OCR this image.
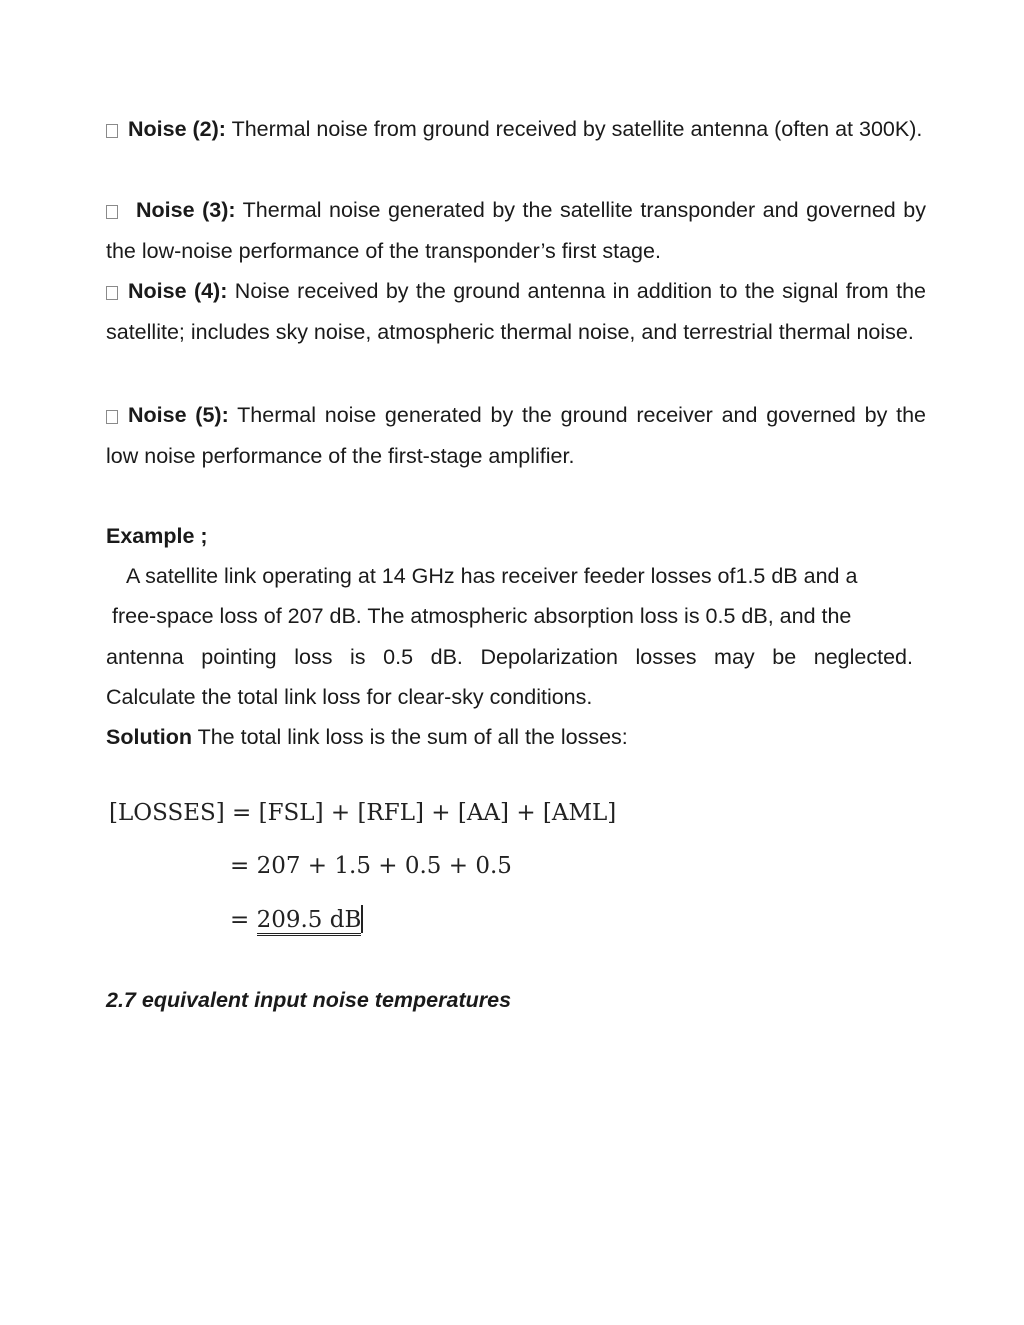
Noise (2): Thermal noise from ground received by satellite antenna (often at 300K).
Noise (3): Thermal noise generated by the satellite transponder and governed by the low-noise performance of the transponder’s first stage.
Noise (4): Noise received by the ground antenna in addition to the signal from the satellite; includes sky noise, atmospheric thermal noise, and terrestrial thermal noise.
Noise (5): Thermal noise generated by the ground receiver and governed by the low noise performance of the first-stage amplifier.
Example ;
A satellite link operating at 14 GHz has receiver feeder losses of1.5 dB and a
free-space loss of 207 dB. The atmospheric absorption loss is 0.5 dB, and the
antenna pointing loss is 0.5 dB. Depolarization losses may be neglected.
Calculate the total link loss for clear-sky conditions.
Solution The total link loss is the sum of all the losses:
[LOSSES] = [FSL] + [RFL] + [AA] + [AML]
= 207 + 1.5 + 0.5 + 0.5
= 209.5 dB
2.7 equivalent input noise temperatures
